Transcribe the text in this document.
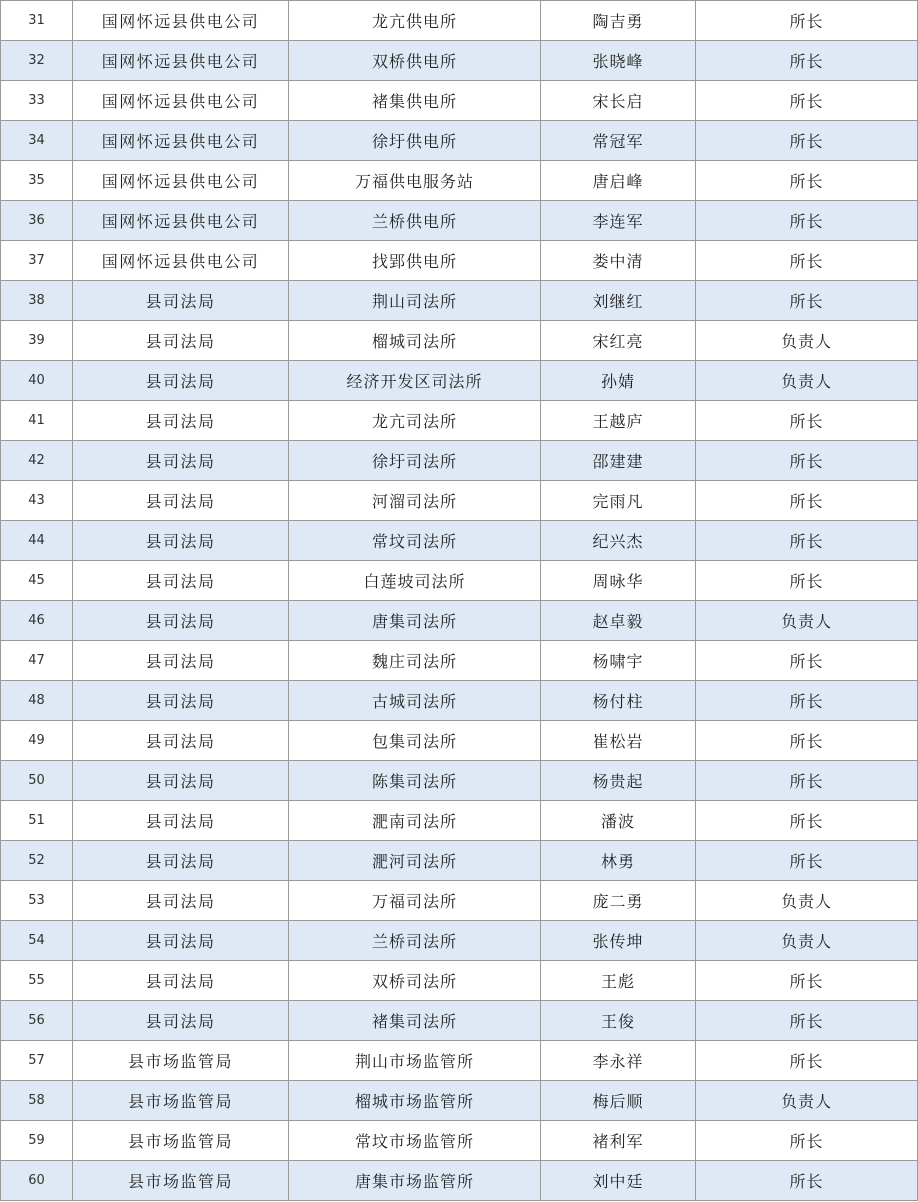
31	国网怀远县供电公司	龙亢供电所	陶吉勇	所长
32	国网怀远县供电公司	双桥供电所	张晓峰	所长
33	国网怀远县供电公司	褚集供电所	宋长启	所长
34	国网怀远县供电公司	徐圩供电所	常冠军	所长
35	国网怀远县供电公司	万福供电服务站	唐启峰	所长
36	国网怀远县供电公司	兰桥供电所	李连军	所长
37	国网怀远县供电公司	找郢供电所	娄中清	所长
38	县司法局	荆山司法所	刘继红	所长
39	县司法局	榴城司法所	宋红亮	负责人
40	县司法局	经济开发区司法所	孙婧	负责人
41	县司法局	龙亢司法所	王越庐	所长
42	县司法局	徐圩司法所	邵建建	所长
43	县司法局	河溜司法所	完雨凡	所长
44	县司法局	常坟司法所	纪兴杰	所长
45	县司法局	白莲坡司法所	周咏华	所长
46	县司法局	唐集司法所	赵卓毅	负责人
47	县司法局	魏庄司法所	杨啸宇	所长
48	县司法局	古城司法所	杨付柱	所长
49	县司法局	包集司法所	崔松岩	所长
50	县司法局	陈集司法所	杨贵起	所长
51	县司法局	淝南司法所	潘波	所长
52	县司法局	淝河司法所	林勇	所长
53	县司法局	万福司法所	庞二勇	负责人
54	县司法局	兰桥司法所	张传坤	负责人
55	县司法局	双桥司法所	王彪	所长
56	县司法局	褚集司法所	王俊	所长
57	县市场监管局	荆山市场监管所	李永祥	所长
58	县市场监管局	榴城市场监管所	梅后顺	负责人
59	县市场监管局	常坟市场监管所	褚利军	所长
60	县市场监管局	唐集市场监管所	刘中廷	所长
